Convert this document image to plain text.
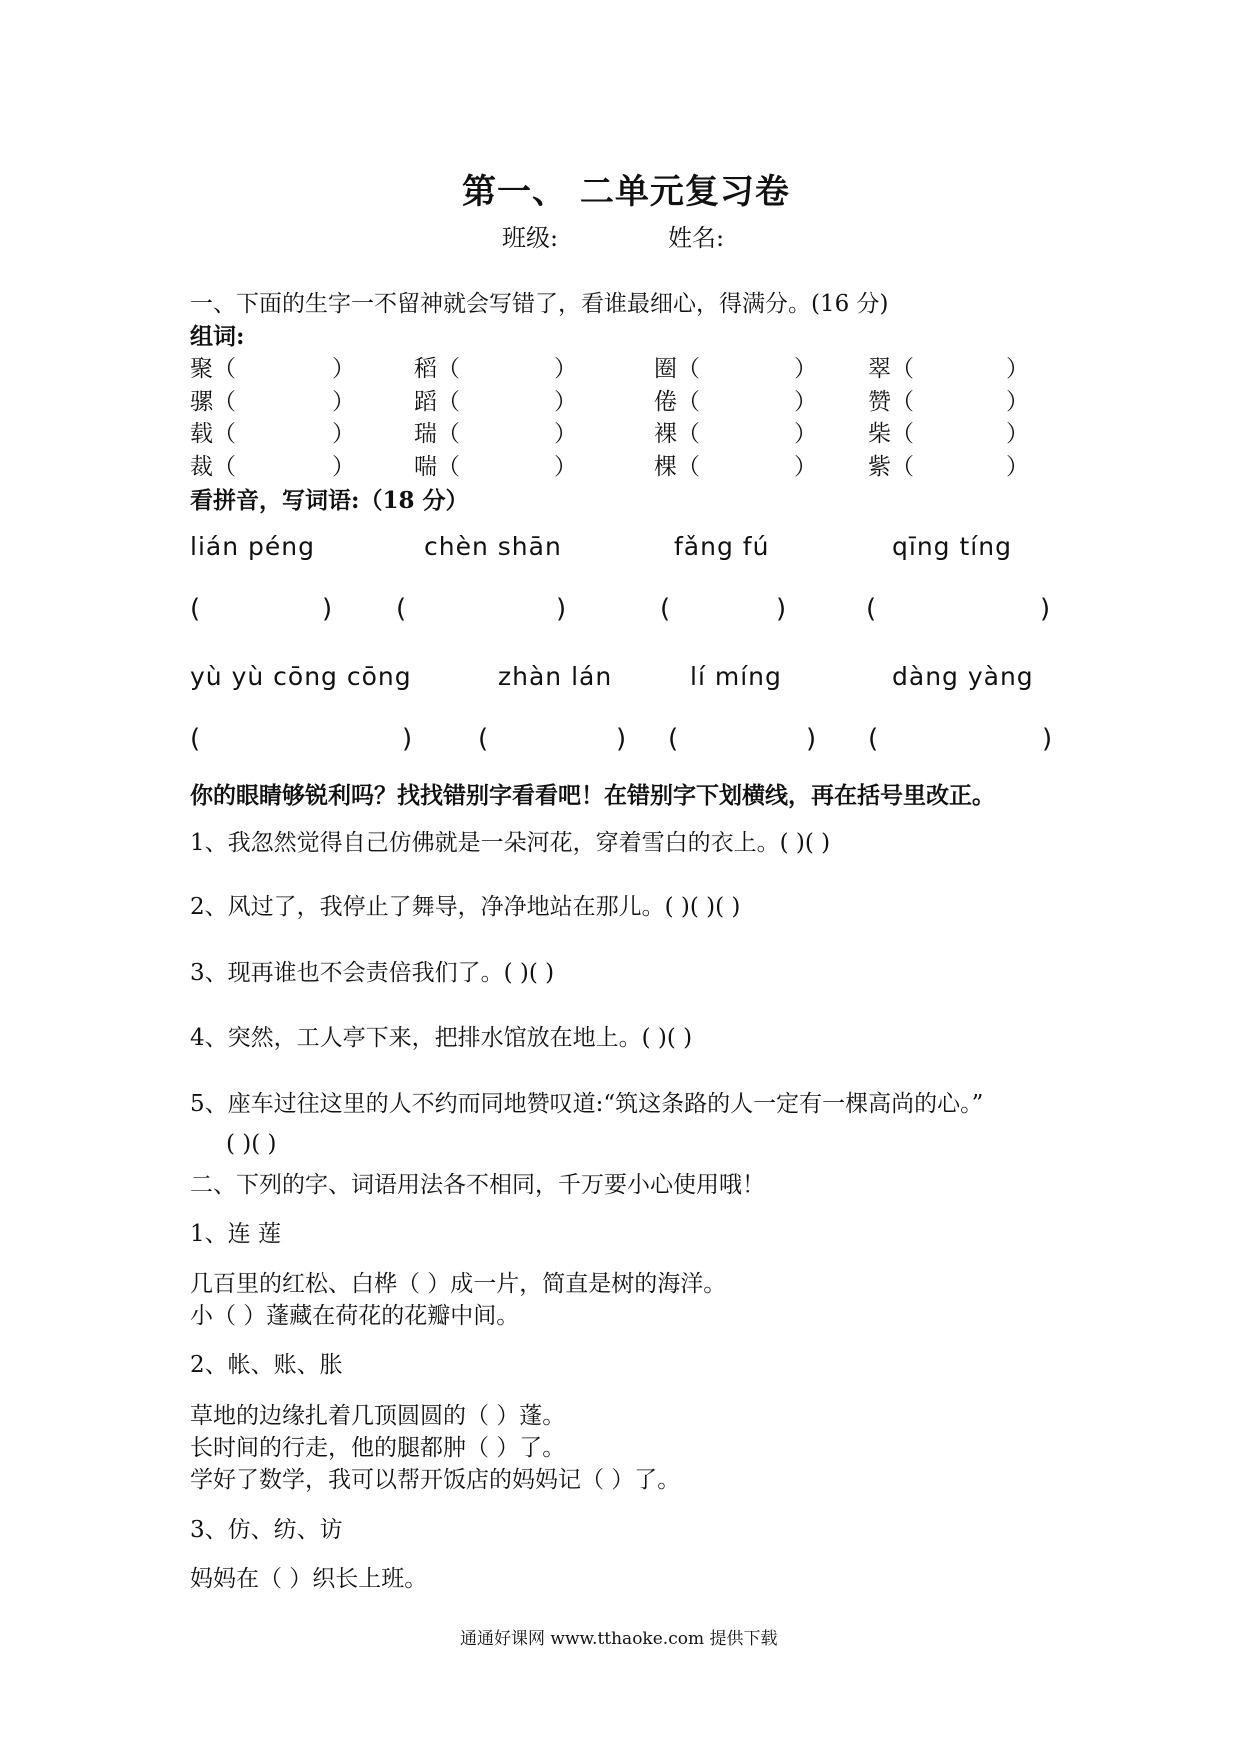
第一、 二单元复习卷
班级:	姓名:
一、下面的生字一不留神就会写错了，看谁最细心，得满分。(16 分)
组词:
聚（	）	稻（	）	圈（	） 翠（	）
骡（	）	蹈（	）	倦（	） 赞（	）
载（	）	瑞（	）	裸（	） 柴（	）
裁（	）	喘（	）	棵（	） 紫（	）
看拼音，写词语:（18 分）
lián péng	chèn shān	fǎng fú	qīng tíng
(	) (	)	(	)	(	)
yù yù cōng cōng	zhàn lán	lí míng	dàng yàng
(	)	(	) (	) (	)
你的眼睛够锐利吗？找找错别字看看吧！在错别字下划横线，再在括号里改正。
1、我忽然觉得自己仿佛就是一朵河花，穿着雪白的衣上。( )( )
2、风过了，我停止了舞导，净净地站在那儿。( )( )( )
3、现再谁也不会责倍我们了。( )( )
4、突然，工人亭下来，把排水馆放在地上。( )( )
5、座车过往这里的人不约而同地赞叹道:“筑这条路的人一定有一棵高尚的心。”
( )( )
二、下列的字、词语用法各不相同，千万要小心使用哦！
1、连 莲
几百里的红松、白桦（ ）成一片，简直是树的海洋。
小（ ）蓬藏在荷花的花瓣中间。
2、帐、账、胀
草地的边缘扎着几顶圆圆的（ ）蓬。
长时间的行走，他的腿都肿（ ）了。
学好了数学，我可以帮开饭店的妈妈记（ ）了。
3、仿、纺、访
妈妈在（ ）织长上班。
通通好课网 www.tthaoke.com 提供下载
